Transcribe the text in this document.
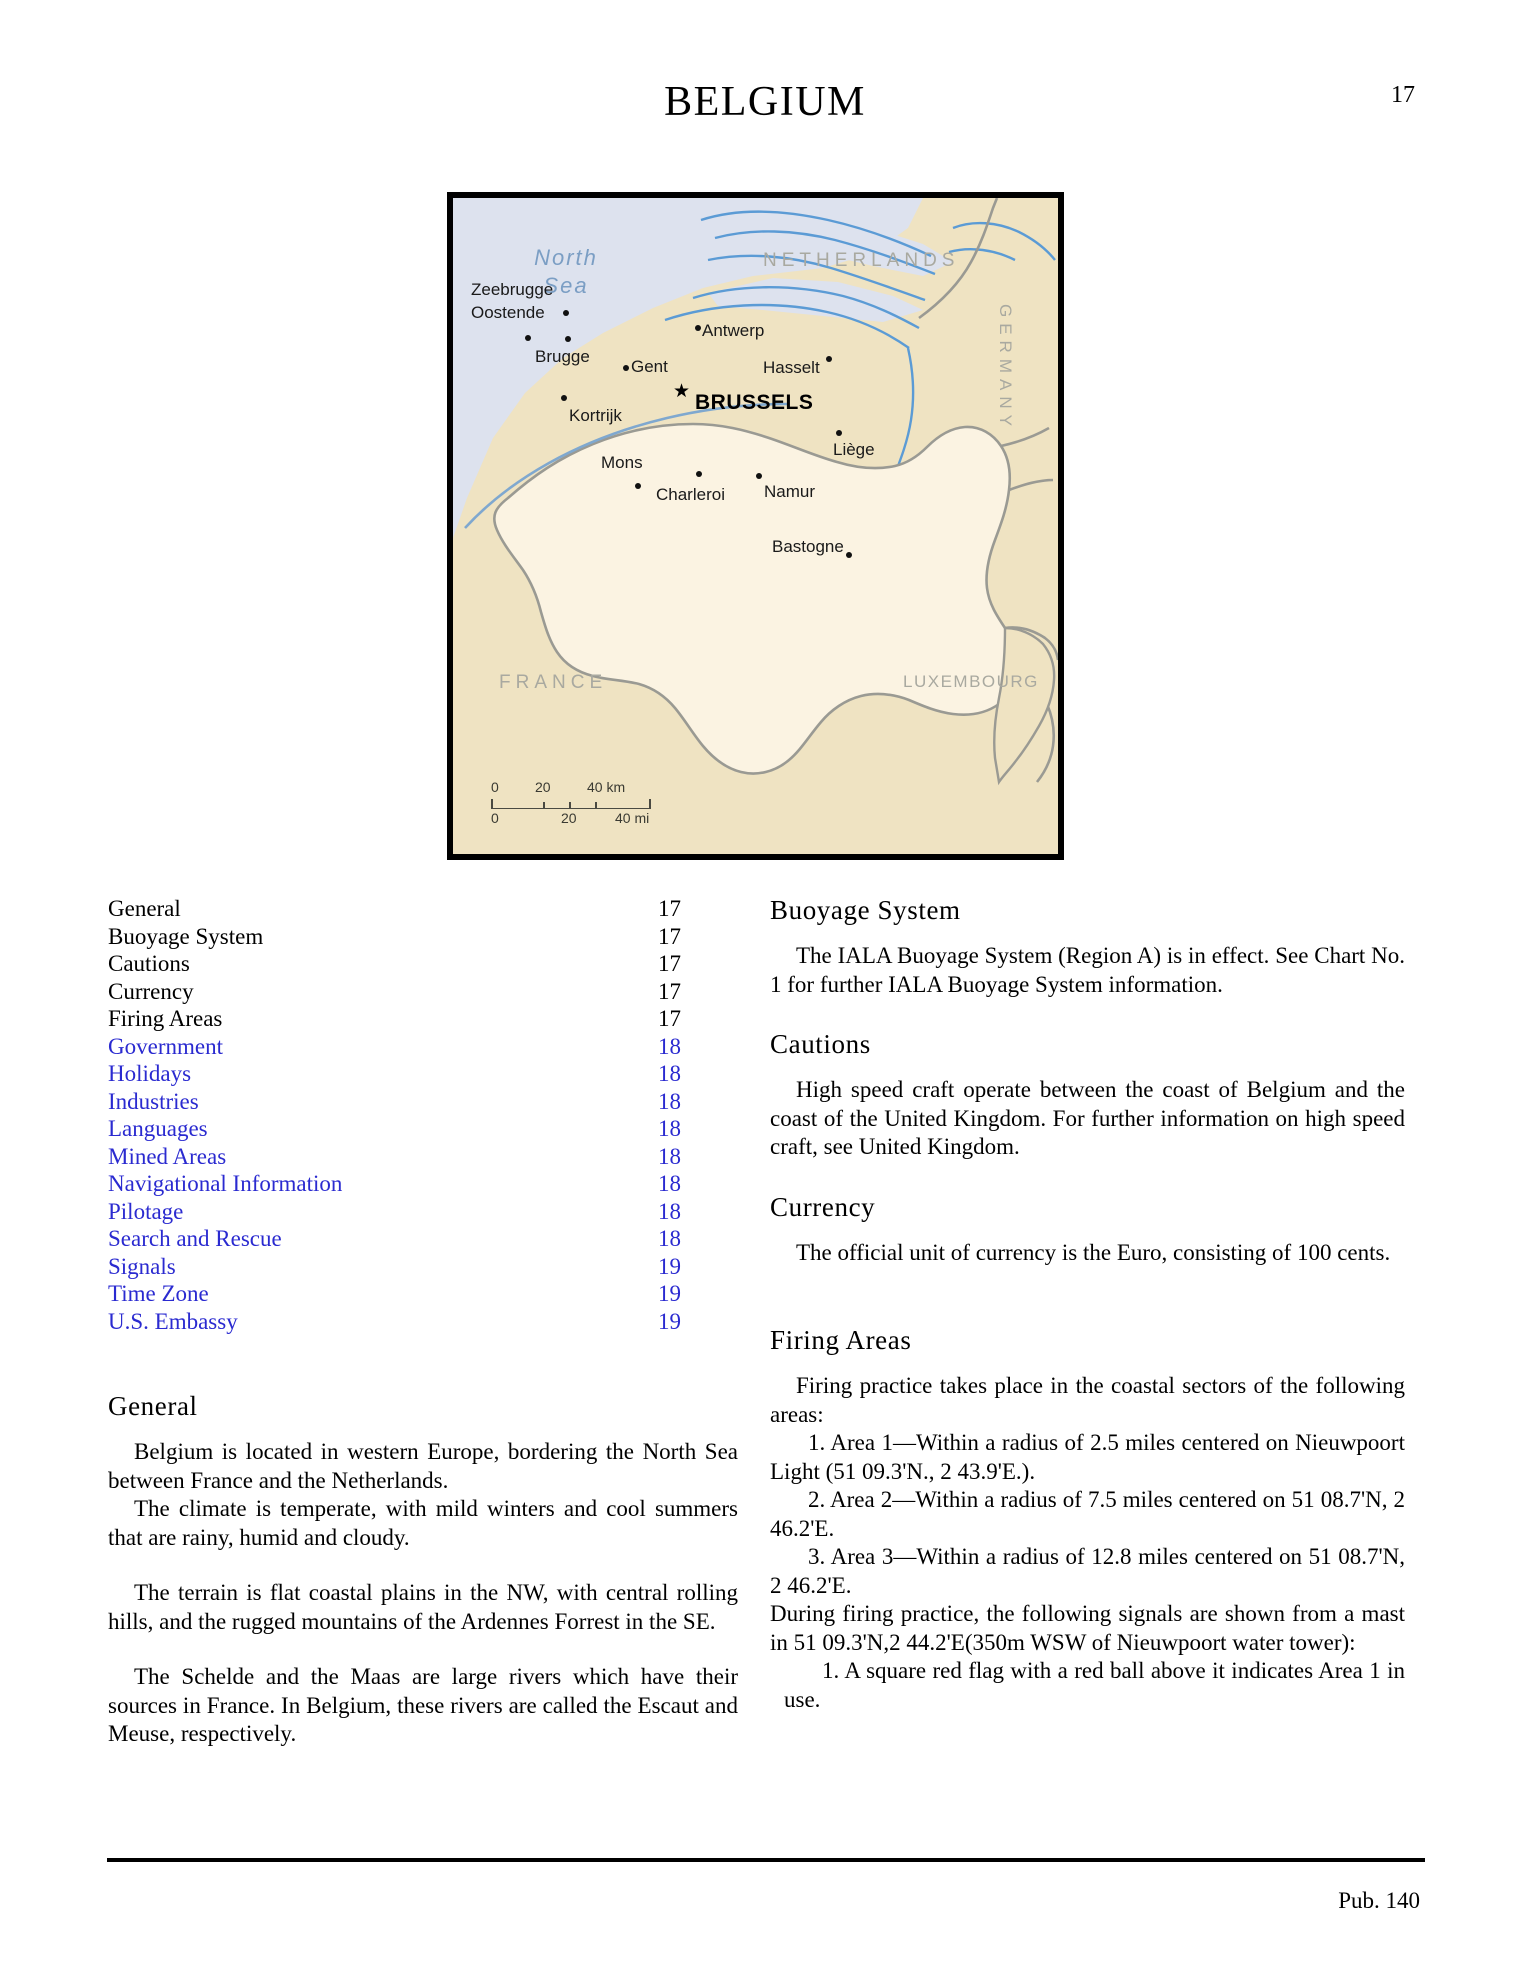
BELGIUM	17
North
Sea
NETHERLANDS
GERMANY
FRANCE	LUXEMBOURG
Zeebrugge
Oostende
Brugge
Gent
Antwerp
Kortrijk
Hasselt
Mons
Charleroi Namur
Liège
Bastogne
★ BRUSSELS
0	20	40 km
0	20	40 mi
General	17
Buoyage System	17
Cautions	17
Currency	17
Firing Areas	17
Government	18
Holidays	18
Industries	18
Languages	18
Mined Areas	18
Navigational Information	18
Pilotage	18
Search and Rescue	18
Signals	19
Time Zone	19
U.S. Embassy	19
General

Belgium is located in western Europe, bordering the North Sea between France and the Netherlands.

The climate is temperate, with mild winters and cool summers that are rainy, humid and cloudy.

The terrain is flat coastal plains in the NW, with central rolling hills, and the rugged mountains of the Ardennes Forrest in the SE.

The Schelde and the Maas are large rivers which have their sources in France. In Belgium, these rivers are called the Escaut and Meuse, respectively.

Buoyage System

The IALA Buoyage System (Region A) is in effect. See Chart No. 1 for further IALA Buoyage System information.

Cautions

High speed craft operate between the coast of Belgium and the coast of the United Kingdom. For further information on high speed craft, see United Kingdom.

Currency

The official unit of currency is the Euro, consisting of 100 cents.

Firing Areas

Firing practice takes place in the coastal sectors of the following areas:

1. Area 1—Within a radius of 2.5 miles centered on Nieuwpoort Light (51 09.3'N., 2 43.9'E.).

2. Area 2—Within a radius of 7.5 miles centered on 51 08.7'N, 2 46.2'E.

3. Area 3—Within a radius of 12.8 miles centered on 51 08.7'N, 2 46.2'E.

During firing practice, the following signals are shown from a mast in 51 09.3'N,2 44.2'E(350m WSW of Nieuwpoort water tower):

1. A square red flag with a red ball above it indicates Area 1 in use.

Pub. 140
